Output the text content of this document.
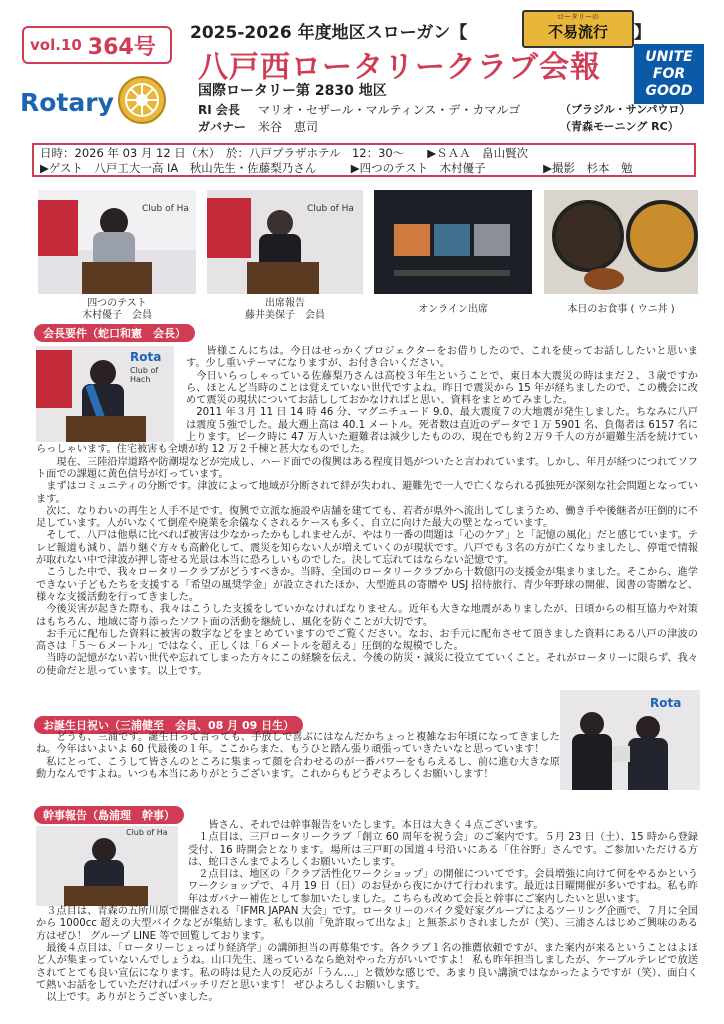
vol.10 364号
2025-2026 年度地区スローガン【
ロータリーの
不易流行	】
八戸西ロータリークラブ会報	UNITE
FOR
GOOD
Rotary	国際ロータリー第 2830 地区
RI 会長 マリオ・セザール・マルティンス・デ・カマルゴ	（ブラジル・サンパウロ）
ガバナー 米谷　恵司	（青森モーニング RC）
日時：2026 年 03 月 12 日（木）　於：八戸プラザホテル　12：30～　　▶ＳＡＡ　畠山賢次
▶ゲスト　八戸工大一高 IA　秋山先生・佐藤梨乃さん　　　▶四つのテスト　木村優子　　　　　▶撮影　杉本　勉
Club of Ha
四つのテスト
木村優子　会員
Club of Ha
出席報告
藤井美保子　会員
オンライン出席	本日のお食事 ( ウニ丼 )
会長要件（蛇口和憲　会長）
Rota
Club of Hach

皆様こんにちは。今日はせっかくプロジェクターをお借りしたので、これを使ってお話ししたいと思います。少し重いテーマになりますが、お付き合いください。

今日いらっしゃっている佐藤梨乃さんは高校３年生ということで、東日本大震災の時はまだ２、３歳ですから、ほとんど当時のことは覚えていない世代ですよね。昨日で震災から 15 年が経ちましたので、この機会に改めて震災の現状についてお話ししておかなければと思い、資料をまとめてみました。

2011 年３月 11 日 14 時 46 分、マグニチュード 9.0、最大震度７の大地震が発生しました。ちなみに八戸は震度５強でした。最大遡上高は 40.1 メートル。死者数は直近のデータで１万 5901 名、負傷者は 6157 名に上ります。ピーク時に 47 万人いた避難者は減少したものの、現在でも約２万９千人の方が避難生活を続けていらっしゃいます。住宅被害も全壊が約 12 万２千棟と甚大なものでした。

現在、三陸沿岸道路や防潮堤などが完成し、ハード面での復興はある程度目処がついたと言われています。しかし、年月が経つにつれてソフト面での課題に黄色信号が灯っています。

まずはコミュニティの分断です。津波によって地域が分断されて絆が失われ、避難先で一人で亡くなられる孤独死が深刻な社会問題となっています。

次に、なりわいの再生と人手不足です。復興で立派な施設や店舗を建てても、若者が県外へ流出してしまうため、働き手や後継者が圧倒的に不足しています。人がいなくて倒産や廃業を余儀なくされるケースも多く、自立に向けた最大の壁となっています。

そして、八戸は他県に比べれば被害は少なかったかもしれませんが、やはり一番の問題は「心のケア」と「記憶の風化」だと感じています。テレビ報道も減り、語り継ぐ方々も高齢化して、震災を知らない人が増えていくのが現状です。八戸でも３名の方が亡くなりましたし、停電で情報が取れない中で津波が押し寄せる光景は本当に恐ろしいものでした。決して忘れてはならない記憶です。

こうした中で、我々ロータリークラブがどうすべきか。当時、全国のロータリークラブから十数億円の支援金が集まりました。そこから、進学できない子どもたちを支援する「希望の風奨学金」が設立されたほか、大型遊具の寄贈や USJ 招待旅行、青少年野球の開催、図書の寄贈など、様々な支援活動を行ってきました。

今後災害が起きた際も、我々はこうした支援をしていかなければなりません。近年も大きな地震がありましたが、日頃からの相互協力や対策はもちろん、地域に寄り添ったソフト面の活動を継続し、風化を防ぐことが大切です。

お手元に配布した資料に被害の数字などをまとめていますのでご覧ください。なお、お手元に配布させて頂きました資料にある八戸の津波の高さは「５～６メートル」ではなく、正しくは「６メートルを超える」圧倒的な規模でした。

当時の記憶がない若い世代や忘れてしまった方々にこの経験を伝え、今後の防災・減災に役立てていくこと。それがロータリーに限らず、我々の使命だと思っています。以上です。

お誕生日祝い（三浦健至　会員、08 月 09 日生）
Rota

どうも、三浦です。誕生日って言っても、手放しで喜ぶにはなんだかちょっと複雑なお年頃になってきましたね。今年はいよいよ 60 代最後の１年。ここからまた、もうひと踏ん張り頑張っていきたいなと思っています！

私にとって、こうして皆さんのところに集まって顔を合わせるのが一番パワーをもらえるし、前に進む大きな原動力なんですよね。いつも本当にありがとうございます。これからもどうぞよろしくお願いします！

幹事報告（島浦理　幹事）
Club of Ha

皆さん、それでは幹事報告をいたします。本日は大きく４点ございます。

１点目は、三戸ロータリークラブ「創立 60 周年を祝う会」のご案内です。５月 23 日（土）、15 時から登録受付、16 時開会となります。場所は三戸町の国道４号沿いにある「住谷野」さんです。ご参加いただける方は、蛇口さんまでよろしくお願いいたします。

２点目は、地区の「クラブ活性化ワークショップ」の開催についてです。会員増強に向けて何をやるかというワークショップで、４月 19 日（日）のお昼から夜にかけて行われます。最近は日曜開催が多いですね。私も昨年はガバナー補佐として参加いたしました。こちらも改めて会長と幹事にご案内したいと思います。

３点目は、青森の五所川原で開催される「IFMR JAPAN 大会」です。ロータリーのバイク愛好家グループによるツーリング企画で、７月に全国から 1000cc 超えの大型バイクなどが集結します。私も以前「免許取って出なよ」と無茶ぶりされましたが（笑）、三浦さんはじめご興味のある方はぜひ！ グループ LINE 等で回覧しております。

最後４点目は、「ロータリーじょっぱり経済学」の講師担当の再募集です。各クラブ１名の推薦依頼ですが、また案内が来るということはよほど人が集まっていないんでしょうね。山口先生、迷っているなら絶対やった方がいいですよ！ 私も昨年担当しましたが、ケーブルテレビで放送されてとても良い宣伝になります。私の時は見た人の反応が「うん…」と微妙な感じで、あまり良い講演ではなかったようですが（笑）、面白くて熱いお話をしていただければバッチリだと思います！ ぜひよろしくお願いします。

以上です。ありがとうございました。
